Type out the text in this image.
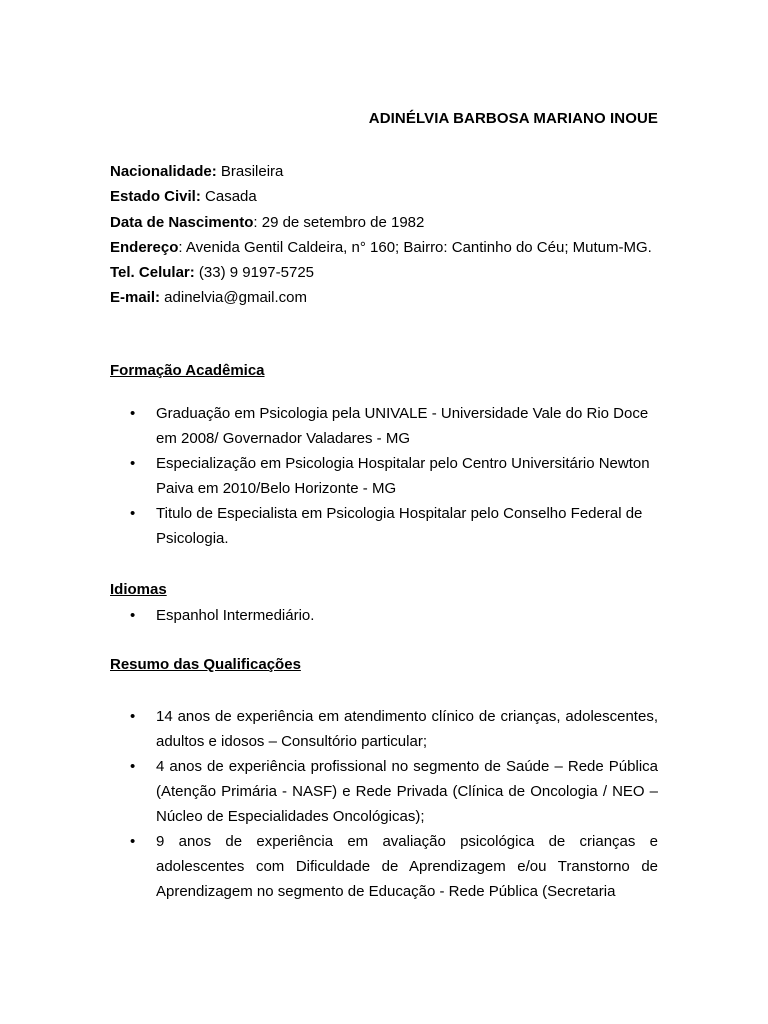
ADINÉLVIA BARBOSA MARIANO INOUE
Nacionalidade: Brasileira
Estado Civil: Casada
Data de Nascimento: 29 de setembro de 1982
Endereço: Avenida Gentil Caldeira, n° 160; Bairro: Cantinho do Céu; Mutum-MG.
Tel. Celular: (33) 9 9197-5725
E-mail: adinelvia@gmail.com
Formação Acadêmica
• Graduação em Psicologia pela UNIVALE - Universidade Vale do Rio Doce em 2008/ Governador Valadares - MG
• Especialização em Psicologia Hospitalar pelo Centro Universitário Newton Paiva em 2010/Belo Horizonte - MG
• Titulo de Especialista em Psicologia Hospitalar pelo Conselho Federal de Psicologia.
Idiomas
• Espanhol Intermediário.
Resumo das Qualificações
• 14 anos de experiência em atendimento clínico de crianças, adolescentes, adultos e idosos – Consultório particular;
• 4 anos de experiência profissional no segmento de Saúde – Rede Pública (Atenção Primária - NASF) e Rede Privada (Clínica de Oncologia / NEO – Núcleo de Especialidades Oncológicas);
• 9 anos de experiência em avaliação psicológica de crianças e adolescentes com Dificuldade de Aprendizagem e/ou Transtorno de Aprendizagem no segmento de Educação - Rede Pública (Secretaria
